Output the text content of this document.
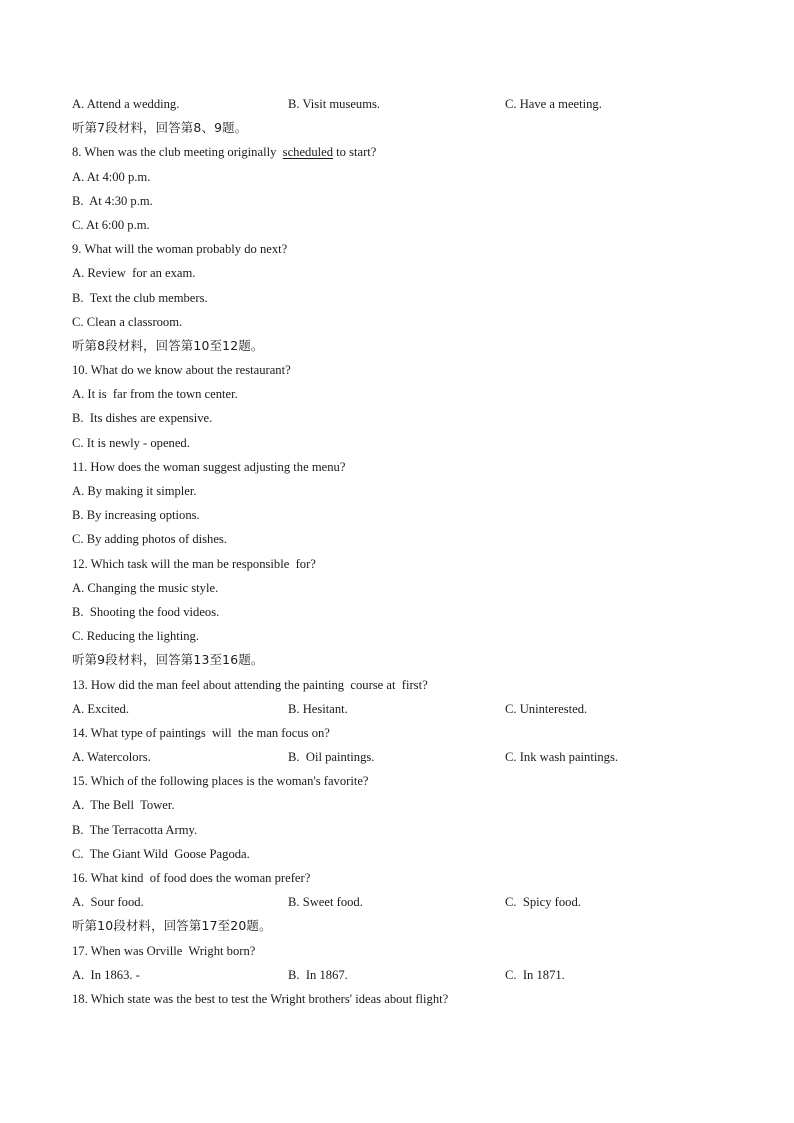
A. Attend a wedding.	B. Visit museums.	C. Have a meeting.
听第7段材料，回答第8、9题。
8. When was the club meeting originally  scheduled to start?
A. At 4:00 p.m.
B.  At 4:30 p.m.
C. At 6:00 p.m.
9. What will the woman probably do next?
A. Review  for an exam.
B.  Text the club members.
C. Clean a classroom.
听第8段材料，回答第10至12题。
10. What do we know about the restaurant?
A. It is  far from the town center.
B.  Its dishes are expensive.
C. It is newly - opened.
11. How does the woman suggest adjusting the menu?
A. By making it simpler.
B. By increasing options.
C. By adding photos of dishes.
12. Which task will the man be responsible  for?
A. Changing the music style.
B.  Shooting the food videos.
C. Reducing the lighting.
听第9段材料，回答第13至16题。
13. How did the man feel about attending the painting  course at  first?
A. Excited.	B. Hesitant.	C. Uninterested.
14. What type of paintings  will  the man focus on?
A. Watercolors.	B.  Oil paintings.	C. Ink wash paintings.
15. Which of the following places is the woman's favorite?
A.  The Bell  Tower.
B.  The Terracotta Army.
C.  The Giant Wild  Goose Pagoda.
16. What kind  of food does the woman prefer?
A.  Sour food.	B. Sweet food.	C.  Spicy food.
听第10段材料，回答第17至20题。
17. When was Orville  Wright born?
A.  In 1863. -	B.  In 1867.	C.  In 1871.
18. Which state was the best to test the Wright brothers' ideas about flight?
